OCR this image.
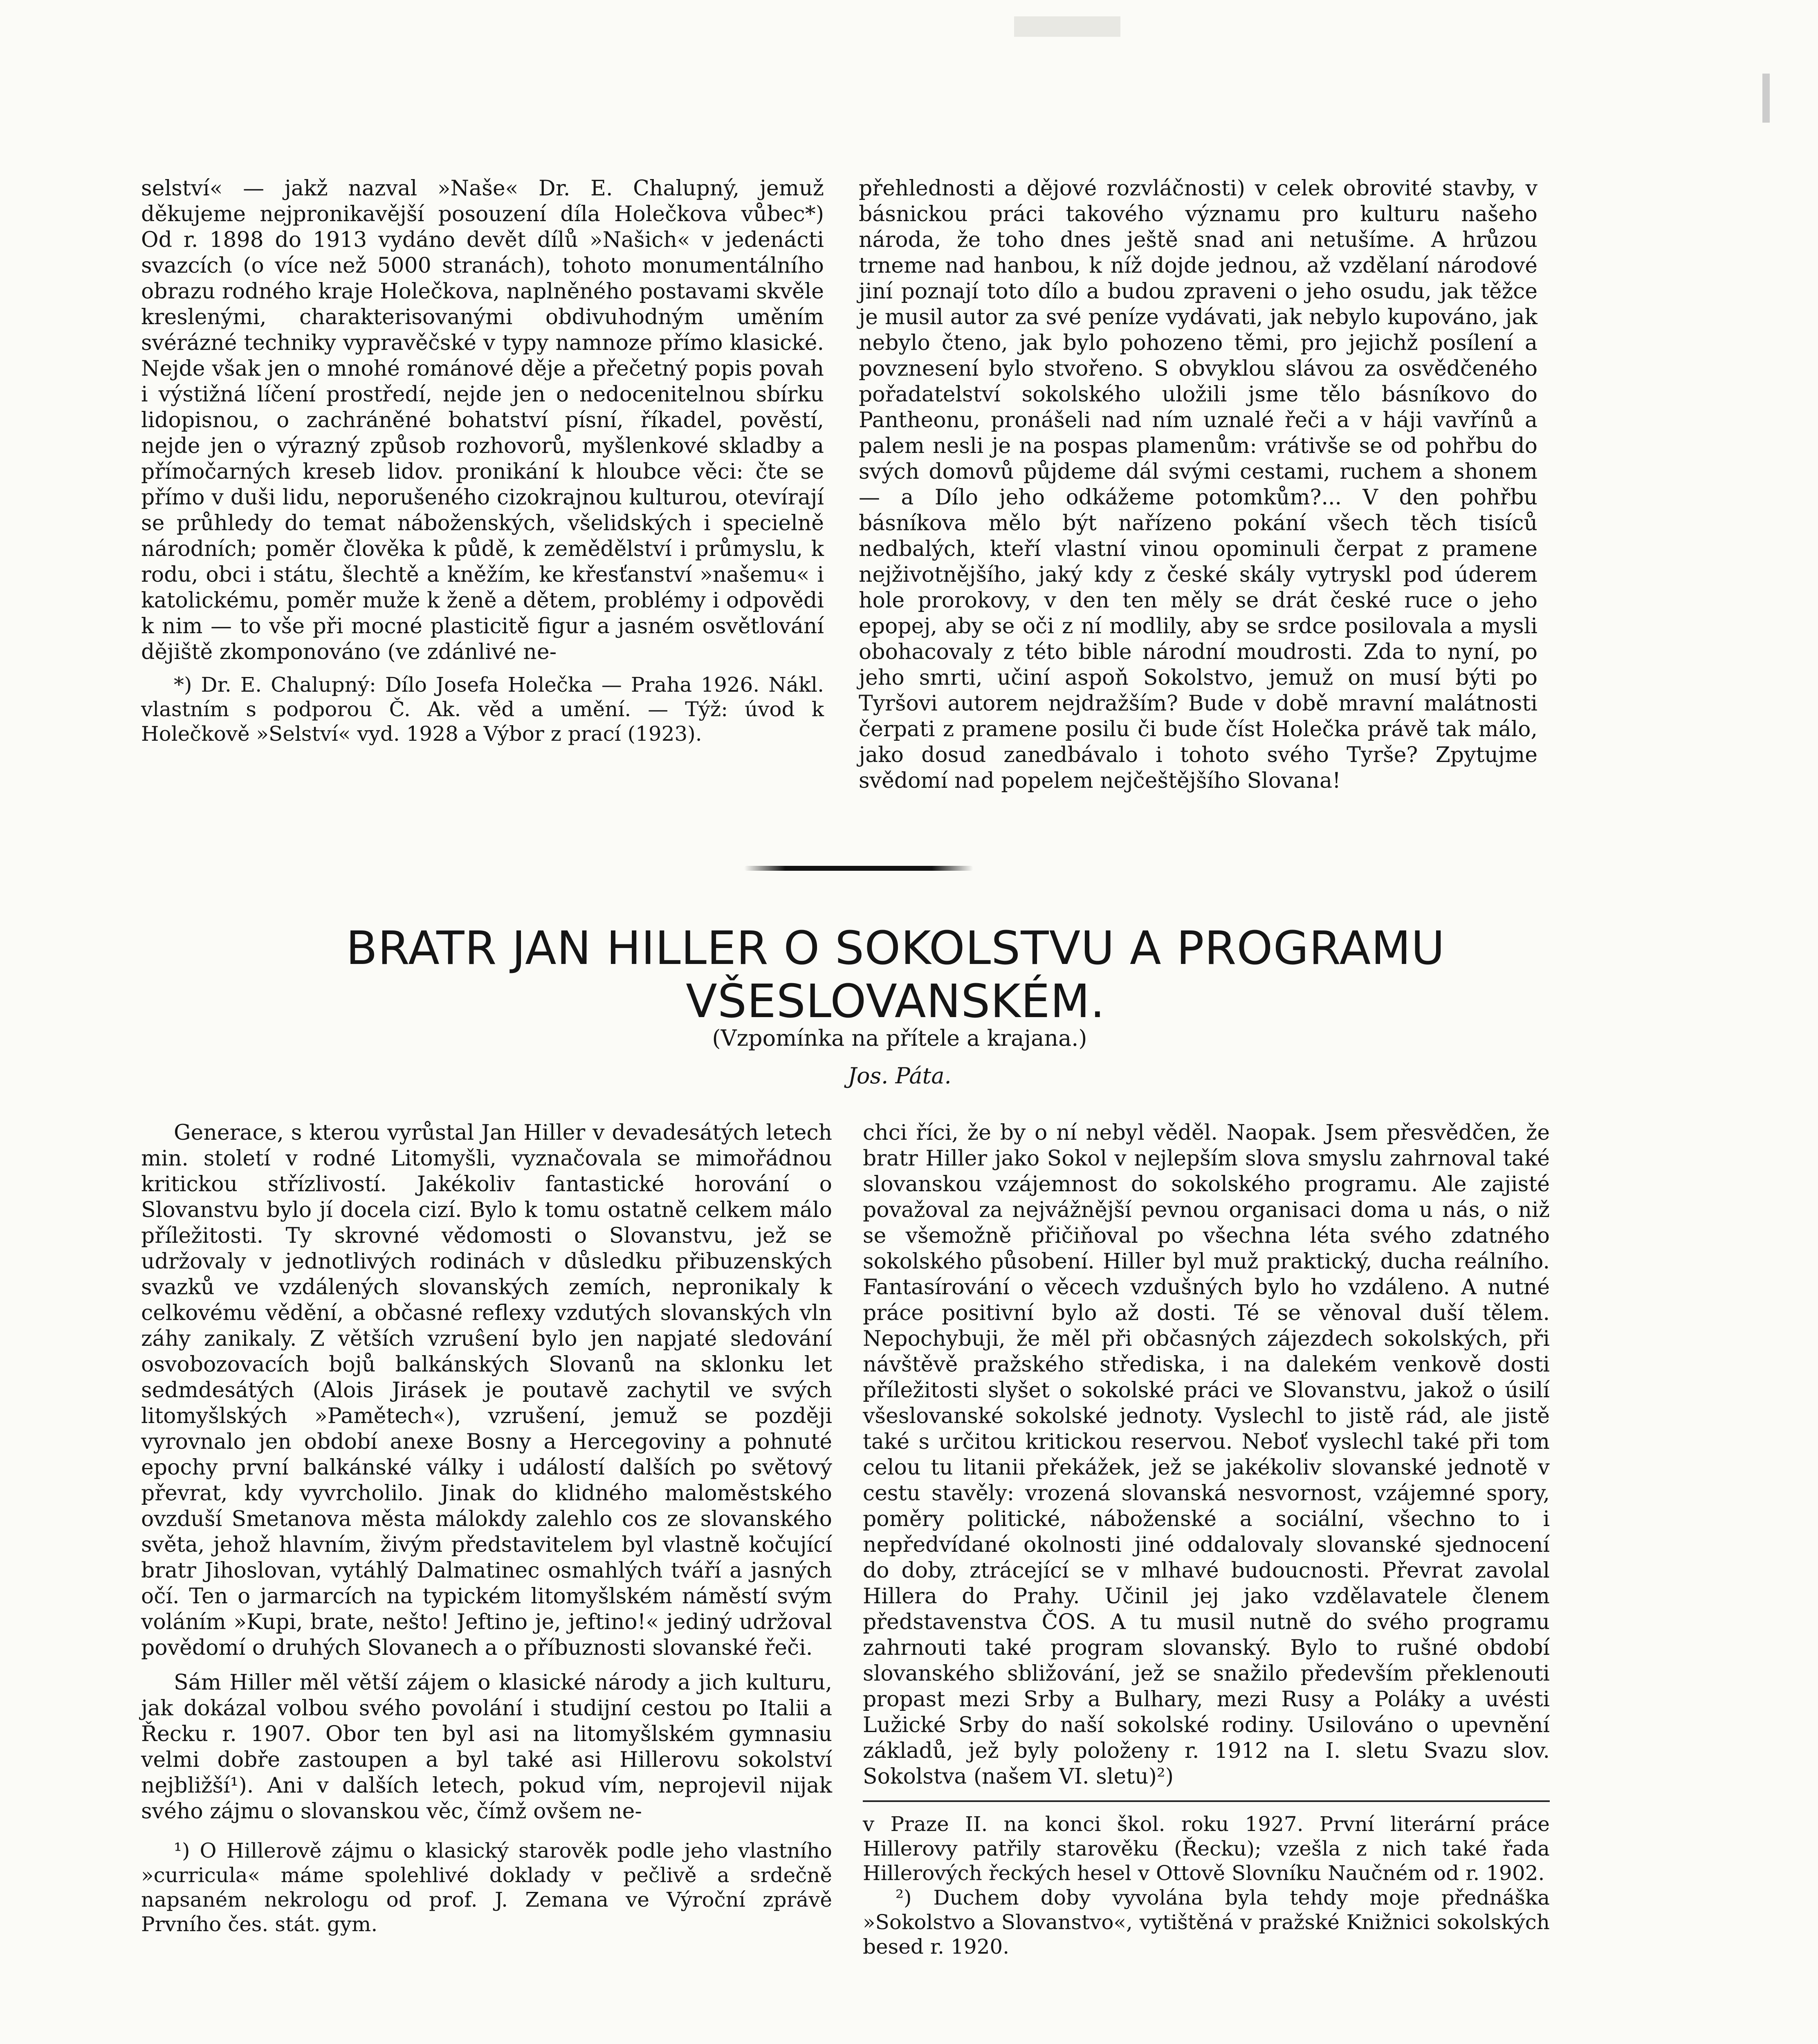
selství« — jakž nazval »Naše« Dr. E. Chalupný, jemuž děkujeme nejpronikavější posouzení díla Holečkova vůbec*) Od r. 1898 do 1913 vydáno devět dílů »Našich« v jedenácti svazcích (o více než 5000 stranách), tohoto monumentálního obrazu rodného kraje Holečkova, naplněného postavami skvěle kreslenými, charakterisovanými obdivuhodným uměním svérázné techniky vypravěčské v typy namnoze přímo klasické. Nejde však jen o mnohé románové děje a přečetný popis povah i výstižná líčení prostředí, nejde jen o nedocenitelnou sbírku lidopisnou, o zachráněné bohatství písní, říkadel, pověstí, nejde jen o výrazný způsob rozhovorů, myšlenkové skladby a přímočarných kreseb lidov. pronikání k hloubce věci: čte se přímo v duši lidu, neporušeného cizokrajnou kulturou, otevírají se průhledy do temat náboženských, všelidských i specielně národních; poměr člověka k půdě, k zemědělství i průmyslu, k rodu, obci i státu, šlechtě a kněžím, ke křesťanství »našemu« i katolickému, poměr muže k ženě a dětem, problémy i odpovědi k nim — to vše při mocné plasticitě figur a jasném osvětlování dějiště zkomponováno (ve zdánlivé ne-

*) Dr. E. Chalupný: Dílo Josefa Holečka — Praha 1926. Nákl. vlastním s podporou Č. Ak. věd a umění. — Týž: úvod k Holečkově »Selství« vyd. 1928 a Výbor z prací (1923).

přehlednosti a dějové rozvláčnosti) v celek obrovité stavby, v básnickou práci takového významu pro kulturu našeho národa, že toho dnes ještě snad ani netušíme. A hrůzou trneme nad hanbou, k níž dojde jednou, až vzdělaní národové jiní poznají toto dílo a budou zpraveni o jeho osudu, jak těžce je musil autor za své peníze vydávati, jak nebylo kupováno, jak nebylo čteno, jak bylo pohozeno těmi, pro jejichž posílení a povznesení bylo stvořeno. S obvyklou slávou za osvědčeného pořadatelství sokolského uložili jsme tělo básníkovo do Pantheonu, pronášeli nad ním uznalé řeči a v háji vavřínů a palem nesli je na pospas plamenům: vrátivše se od pohřbu do svých domovů půjdeme dál svými cestami, ruchem a shonem — a Dílo jeho odkážeme potomkům?... V den pohřbu básníkova mělo být nařízeno pokání všech těch tisíců nedbalých, kteří vlastní vinou opominuli čerpat z pramene nejživotnějšího, jaký kdy z české skály vytryskl pod úderem hole prorokovy, v den ten měly se drát české ruce o jeho epopej, aby se oči z ní modlily, aby se srdce posilovala a mysli obohacovaly z této bible národní moudrosti. Zda to nyní, po jeho smrti, učiní aspoň Sokolstvo, jemuž on musí býti po Tyršovi autorem nejdražším? Bude v době mravní malátnosti čerpati z pramene posilu či bude číst Holečka právě tak málo, jako dosud zanedbávalo i tohoto svého Tyrše? Zpytujme svědomí nad popelem nejčeštějšího Slovana!

BRATR JAN HILLER O SOKOLSTVU A PROGRAMU
VŠESLOVANSKÉM.
(Vzpomínka na přítele a krajana.)
Jos. Páta.

Generace, s kterou vyrůstal Jan Hiller v devadesátých letech min. století v rodné Litomyšli, vyznačovala se mimořádnou kritickou střízlivostí. Jakékoliv fantastické horování o Slovanstvu bylo jí docela cizí. Bylo k tomu ostatně celkem málo příležitosti. Ty skrovné vědomosti o Slovanstvu, jež se udržovaly v jednotlivých rodinách v důsledku přibuzenských svazků ve vzdálených slovanských zemích, nepronikaly k celkovému vědění, a občasné reflexy vzdutých slovanských vln záhy zanikaly. Z větších vzruŝení bylo jen napjaté sledování osvobozovacích bojů balkánských Slovanů na sklonku let sedmdesátých (Alois Jirásek je poutavě zachytil ve svých litomyšlských »Pamětech«), vzrušení, jemuž se později vyrovnalo jen období anexe Bosny a Hercegoviny a pohnuté epochy první balkánské války i událostí dalších po světový převrat, kdy vyvrcholilo. Jinak do klidného maloměstského ovzduší Smetanova města málokdy zalehlo cos ze slovanského světa, jehož hlavním, živým představitelem byl vlastně kočující bratr Jihoslovan, vytáhlý Dalmatinec osmahlých tváří a jasných očí. Ten o jarmarcích na typickém litomyšlském náměstí svým voláním »Kupi, brate, nešto! Jeftino je, jeftino!« jediný udržoval povědomí o druhých Slovanech a o příbuznosti slovanské řeči.

Sám Hiller měl větší zájem o klasické národy a jich kulturu, jak dokázal volbou svého povolání i studijní cestou po Italii a Řecku r. 1907. Obor ten byl asi na litomyšlském gymnasiu velmi dobře zastoupen a byl také asi Hillerovu sokolství nejbližší¹). Ani v dalších letech, pokud vím, neprojevil nijak svého zájmu o slovanskou věc, čímž ovšem ne-

¹) O Hillerově zájmu o klasický starověk podle jeho vlastního »curricula« máme spolehlivé doklady v pečlivě a srdečně napsaném nekrologu od prof. J. Zemana ve Výroční zprávě Prvního čes. stát. gym.

chci říci, že by o ní nebyl věděl. Naopak. Jsem přesvědčen, že bratr Hiller jako Sokol v nejlepším slova smyslu zahrnoval také slovanskou vzájemnost do sokolského programu. Ale zajisté považoval za nejvážnější pevnou organisaci doma u nás, o niž se všemožně přičiňoval po všechna léta svého zdatného sokolského působení. Hiller byl muž praktický, ducha reálního. Fantasírování o věcech vzdušných bylo ho vzdáleno. A nutné práce positivní bylo až dosti. Té se věnoval duší tělem. Nepochybuji, že měl při občasných zájezdech sokolských, při návštěvě pražského střediska, i na dalekém venkově dosti příležitosti slyšet o sokolské práci ve Slovanstvu, jakož o úsilí všeslovanské sokolské jednoty. Vyslechl to jistě rád, ale jistě také s určitou kritickou reservou. Neboť vyslechl také při tom celou tu litanii překážek, jež se jakékoliv slovanské jednotě v cestu stavěly: vrozená slovanská nesvornost, vzájemné spory, poměry politické, náboženské a sociální, všechno to i nepředvídané okolnosti jiné oddalovaly slovanské sjednocení do doby, ztrácející se v mlhavé budoucnosti. Převrat zavolal Hillera do Prahy. Učinil jej jako vzdělavatele členem představenstva ČOS. A tu musil nutně do svého programu zahrnouti také program slovanský. Bylo to rušné období slovanského sbližování, jež se snažilo především překlenouti propast mezi Srby a Bulhary, mezi Rusy a Poláky a uvésti Lužické Srby do naší sokolské rodiny. Usilováno o upevnění základů, jež byly položeny r. 1912 na I. sletu Svazu slov. Sokolstva (našem VI. sletu)²)

v Praze II. na konci škol. roku 1927. První literární práce Hillerovy patřily starověku (Řecku); vzešla z nich také řada Hillerových řeckých hesel v Ottově Slovníku Naučném od r. 1902.

²) Duchem doby vyvolána byla tehdy moje přednáška »Sokolstvo a Slovanstvo«, vytištěná v pražské Knižnici sokolských besed r. 1920.
